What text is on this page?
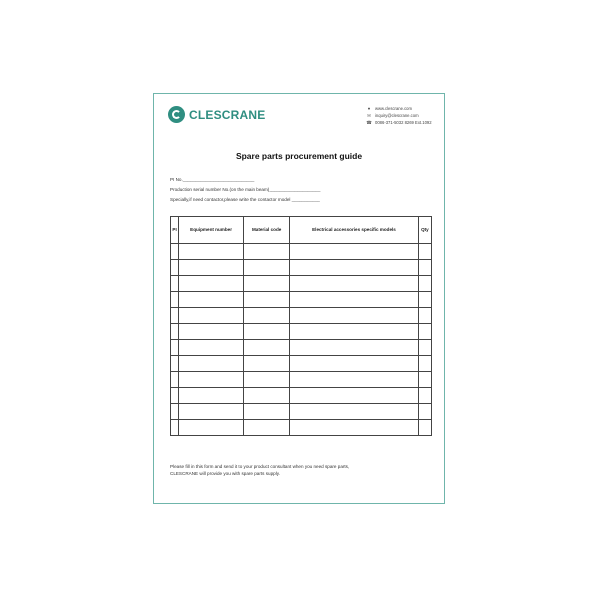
CLESCRANE	●	www.clescrane.com
✉ inquiry@clescrane.com
☎ 0086-371-5032 8269 Ext.1092
Spare parts procurement guide
PI No.____________________________
Production serial number No.(on the main beam)____________________
Specially,if need contactor,please write the contactor model ___________
PI	Equipment number	Material code	Electrical accessories specific models	Qty

Please fill in this form and send it to your product consultant when you need spare parts,
CLESCRANE will provide you with spare parts supply.
